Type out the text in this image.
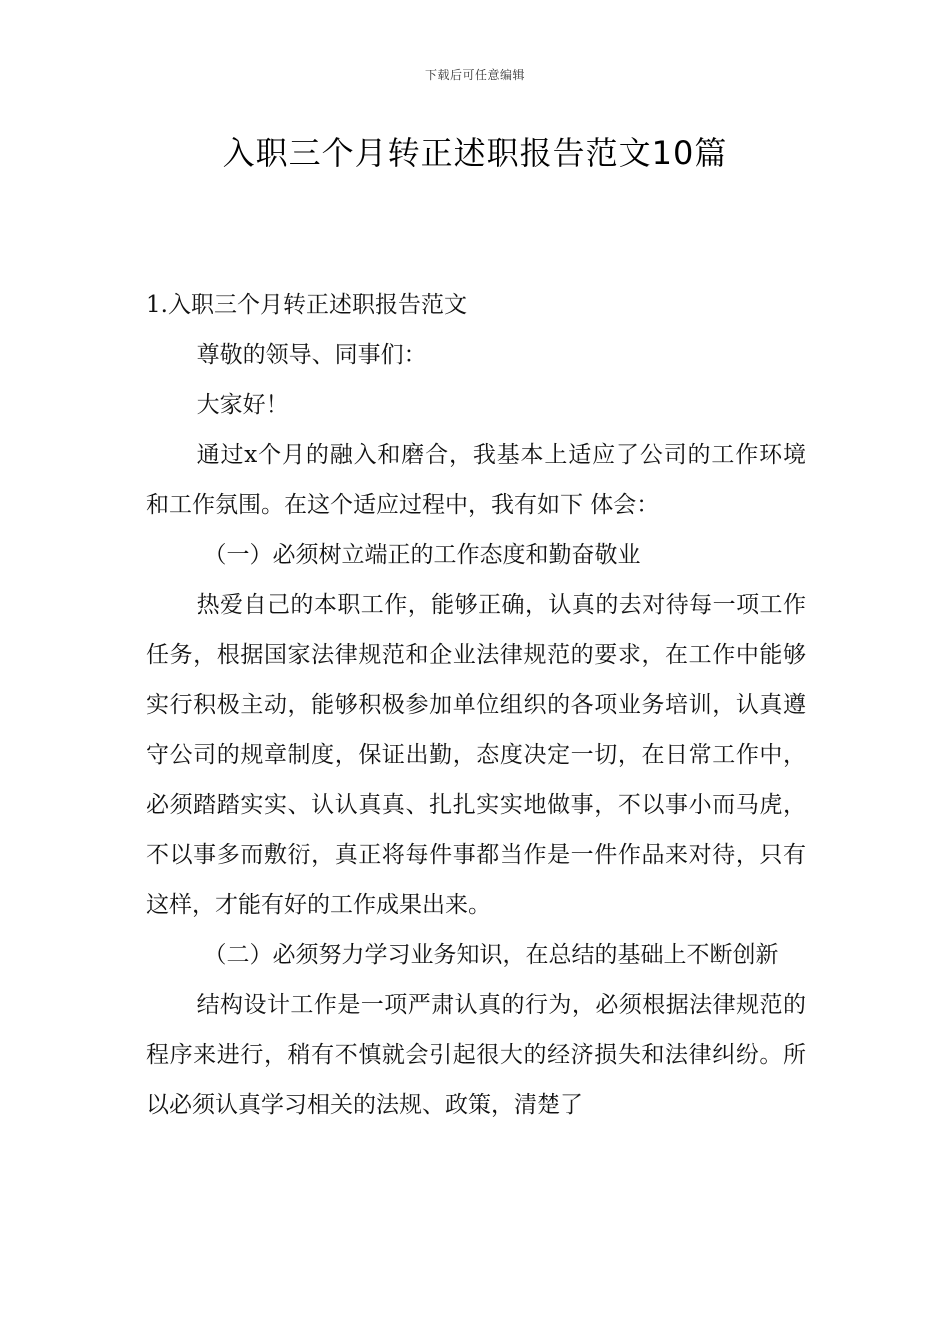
下载后可任意编辑
入职三个月转正述职报告范文10篇

1.入职三个月转正述职报告范文

尊敬的领导、同事们：

大家好！

通过x个月的融入和磨合，我基本上适应了公司的工作环境和工作氛围。在这个适应过程中，我有如下 体会：

（一）必须树立端正的工作态度和勤奋敬业

热爱自己的本职工作，能够正确，认真的去对待每一项工作任务，根据国家法律规范和企业法律规范的要求，在工作中能够实行积极主动，能够积极参加单位组织的各项业务培训，认真遵守公司的规章制度，保证出勤，态度决定一切，在日常工作中，必须踏踏实实、认认真真、扎扎实实地做事，不以事小而马虎，不以事多而敷衍，真正将每件事都当作是一件作品来对待，只有这样，才能有好的工作成果出来。

（二）必须努力学习业务知识，在总结的基础上不断创新

结构设计工作是一项严肃认真的行为，必须根据法律规范的程序来进行，稍有不慎就会引起很大的经济损失和法律纠纷。所以必须认真学习相关的法规、政策，清楚了
